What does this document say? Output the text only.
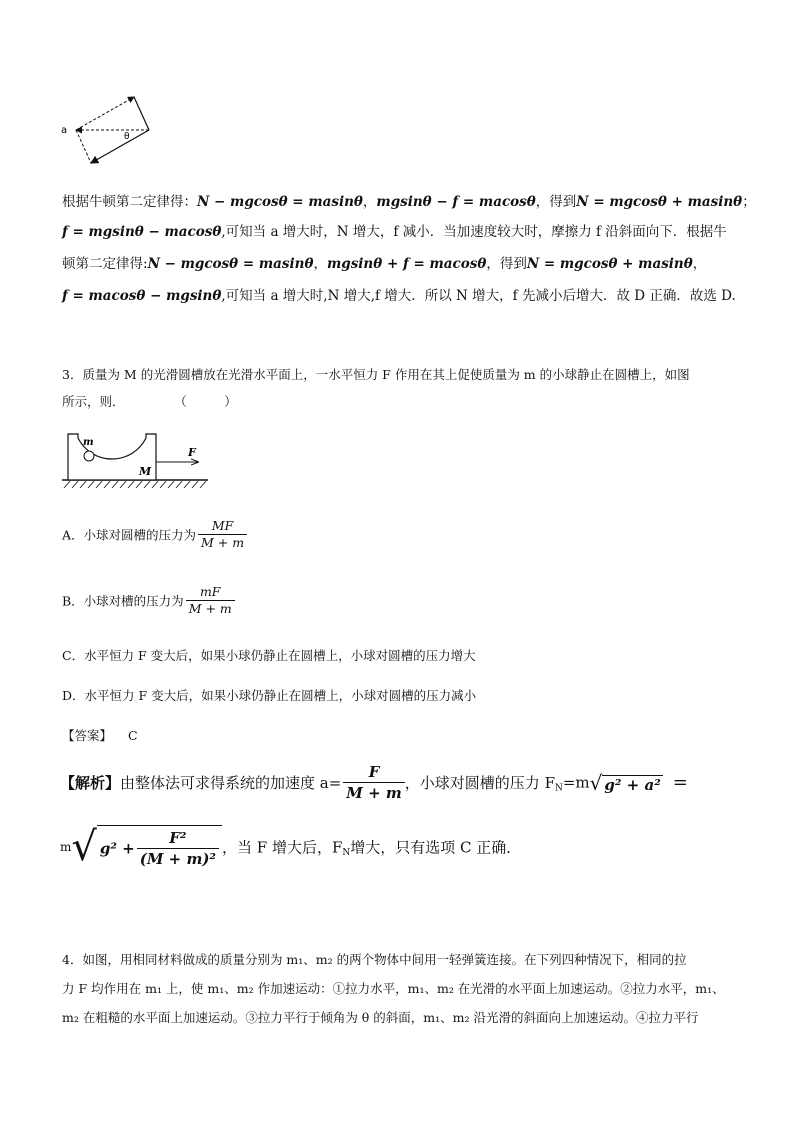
a
θ
根据牛顿第二定律得：N − mgcosθ = masinθ，mgsinθ − f = macosθ，得到N = mgcosθ + masinθ；
f = mgsinθ − macosθ,可知当 a 增大时，N 增大，f 减小．当加速度较大时，摩擦力 f 沿斜面向下．根据牛
顿第二定律得:N − mgcosθ = masinθ，mgsinθ + f = macosθ，得到N = mgcosθ + masinθ，
f = macosθ − mgsinθ,可知当 a 增大时,N 增大,f 增大．所以 N 增大，f 先减小后增大．故 D 正确．故选 D.
3．质量为 M 的光滑圆槽放在光滑水平面上，一水平恒力 F 作用在其上促使质量为 m 的小球静止在圆槽上，如图
所示，则．	（　　　）
m
M
F
A．小球对圆槽的压力为 $\frac{MF}{M + m}$
B．小球对槽的压力为 $\frac{mF}{M + m}$
C．水平恒力 F 变大后，如果小球仍静止在圆槽上，小球对圆槽的压力增大
D．水平恒力 F 变大后，如果小球仍静止在圆槽上，小球对圆槽的压力减小
【答案】 C
【解析】由整体法可求得系统的加速度 $a= \frac{F}{M + m}$ ，小球对圆槽的压力 $F_N=m√$ g² + a² =
m√ $g^2 + \frac{\text{F²}}{\text{(M + m)²}}$ ，当 F 增大后，$F_N$增大，只有选项 C 正确．
4．如图，用相同材料做成的质量分别为 m₁、m₂ 的两个物体中间用一轻弹簧连接。在下列四种情况下，相同的拉
力 F 均作用在 m₁ 上，使 m₁、m₂ 作加速运动：①拉力水平，m₁、m₂ 在光滑的水平面上加速运动。②拉力水平，m₁、
m₂ 在粗糙的水平面上加速运动。③拉力平行于倾角为 θ 的斜面，m₁、m₂ 沿光滑的斜面向上加速运动。④拉力平行
